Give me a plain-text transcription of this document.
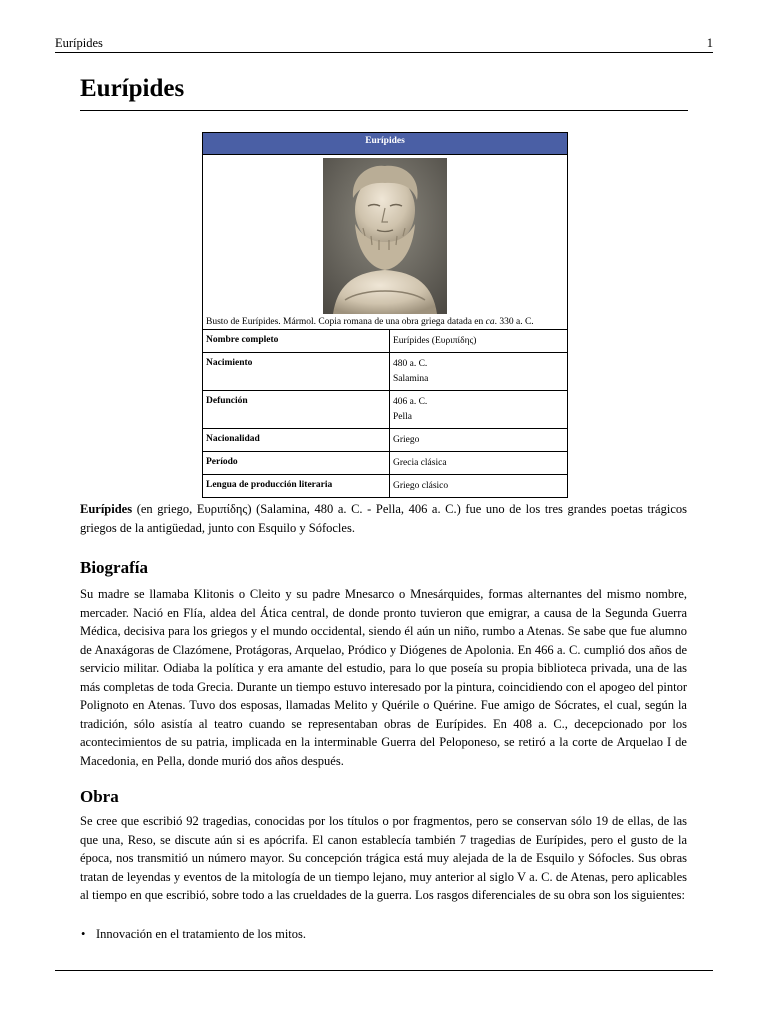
Eurípides	1
Eurípides
Eurípides
Busto de Eurípides. Mármol. Copia romana de una obra griega datada en ca. 330 a. C.
Nombre completo	Eurípides (Ευριπίδης)
Nacimiento	480 a. C.
Salamina
Defunción	406 a. C.
Pella
Nacionalidad	Griego
Período	Grecia clásica
Lengua de producción literaria	Griego clásico

Eurípides (en griego, Ευριπίδης) (Salamina, 480 a. C. - Pella, 406 a. C.) fue uno de los tres grandes poetas trágicos griegos de la antigüedad, junto con Esquilo y Sófocles.

Biografía

Su madre se llamaba Klitonis o Cleito y su padre Mnesarco o Mnesárquides, formas alternantes del mismo nombre, mercader. Nació en Flía, aldea del Ática central, de donde pronto tuvieron que emigrar, a causa de la Segunda Guerra Médica, decisiva para los griegos y el mundo occidental, siendo él aún un niño, rumbo a Atenas. Se sabe que fue alumno de Anaxágoras de Clazómene, Protágoras, Arquelao, Pródico y Diógenes de Apolonia. En 466 a. C. cumplió dos años de servicio militar. Odiaba la política y era amante del estudio, para lo que poseía su propia biblioteca privada, una de las más completas de toda Grecia. Durante un tiempo estuvo interesado por la pintura, coincidiendo con el apogeo del pintor Polignoto en Atenas. Tuvo dos esposas, llamadas Melito y Quérile o Quérine. Fue amigo de Sócrates, el cual, según la tradición, sólo asistía al teatro cuando se representaban obras de Eurípides. En 408 a. C., decepcionado por los acontecimientos de su patria, implicada en la interminable Guerra del Peloponeso, se retiró a la corte de Arquelao I de Macedonia, en Pella, donde murió dos años después.

Obra

Se cree que escribió 92 tragedias, conocidas por los títulos o por fragmentos, pero se conservan sólo 19 de ellas, de las que una, Reso, se discute aún si es apócrifa. El canon establecía también 7 tragedias de Eurípides, pero el gusto de la época, nos transmitió un número mayor. Su concepción trágica está muy alejada de la de Esquilo y Sófocles. Sus obras tratan de leyendas y eventos de la mitología de un tiempo lejano, muy anterior al siglo V a. C. de Atenas, pero aplicables al tiempo en que escribió, sobre todo a las crueldades de la guerra. Los rasgos diferenciales de su obra son los siguientes:

• Innovación en el tratamiento de los mitos.
